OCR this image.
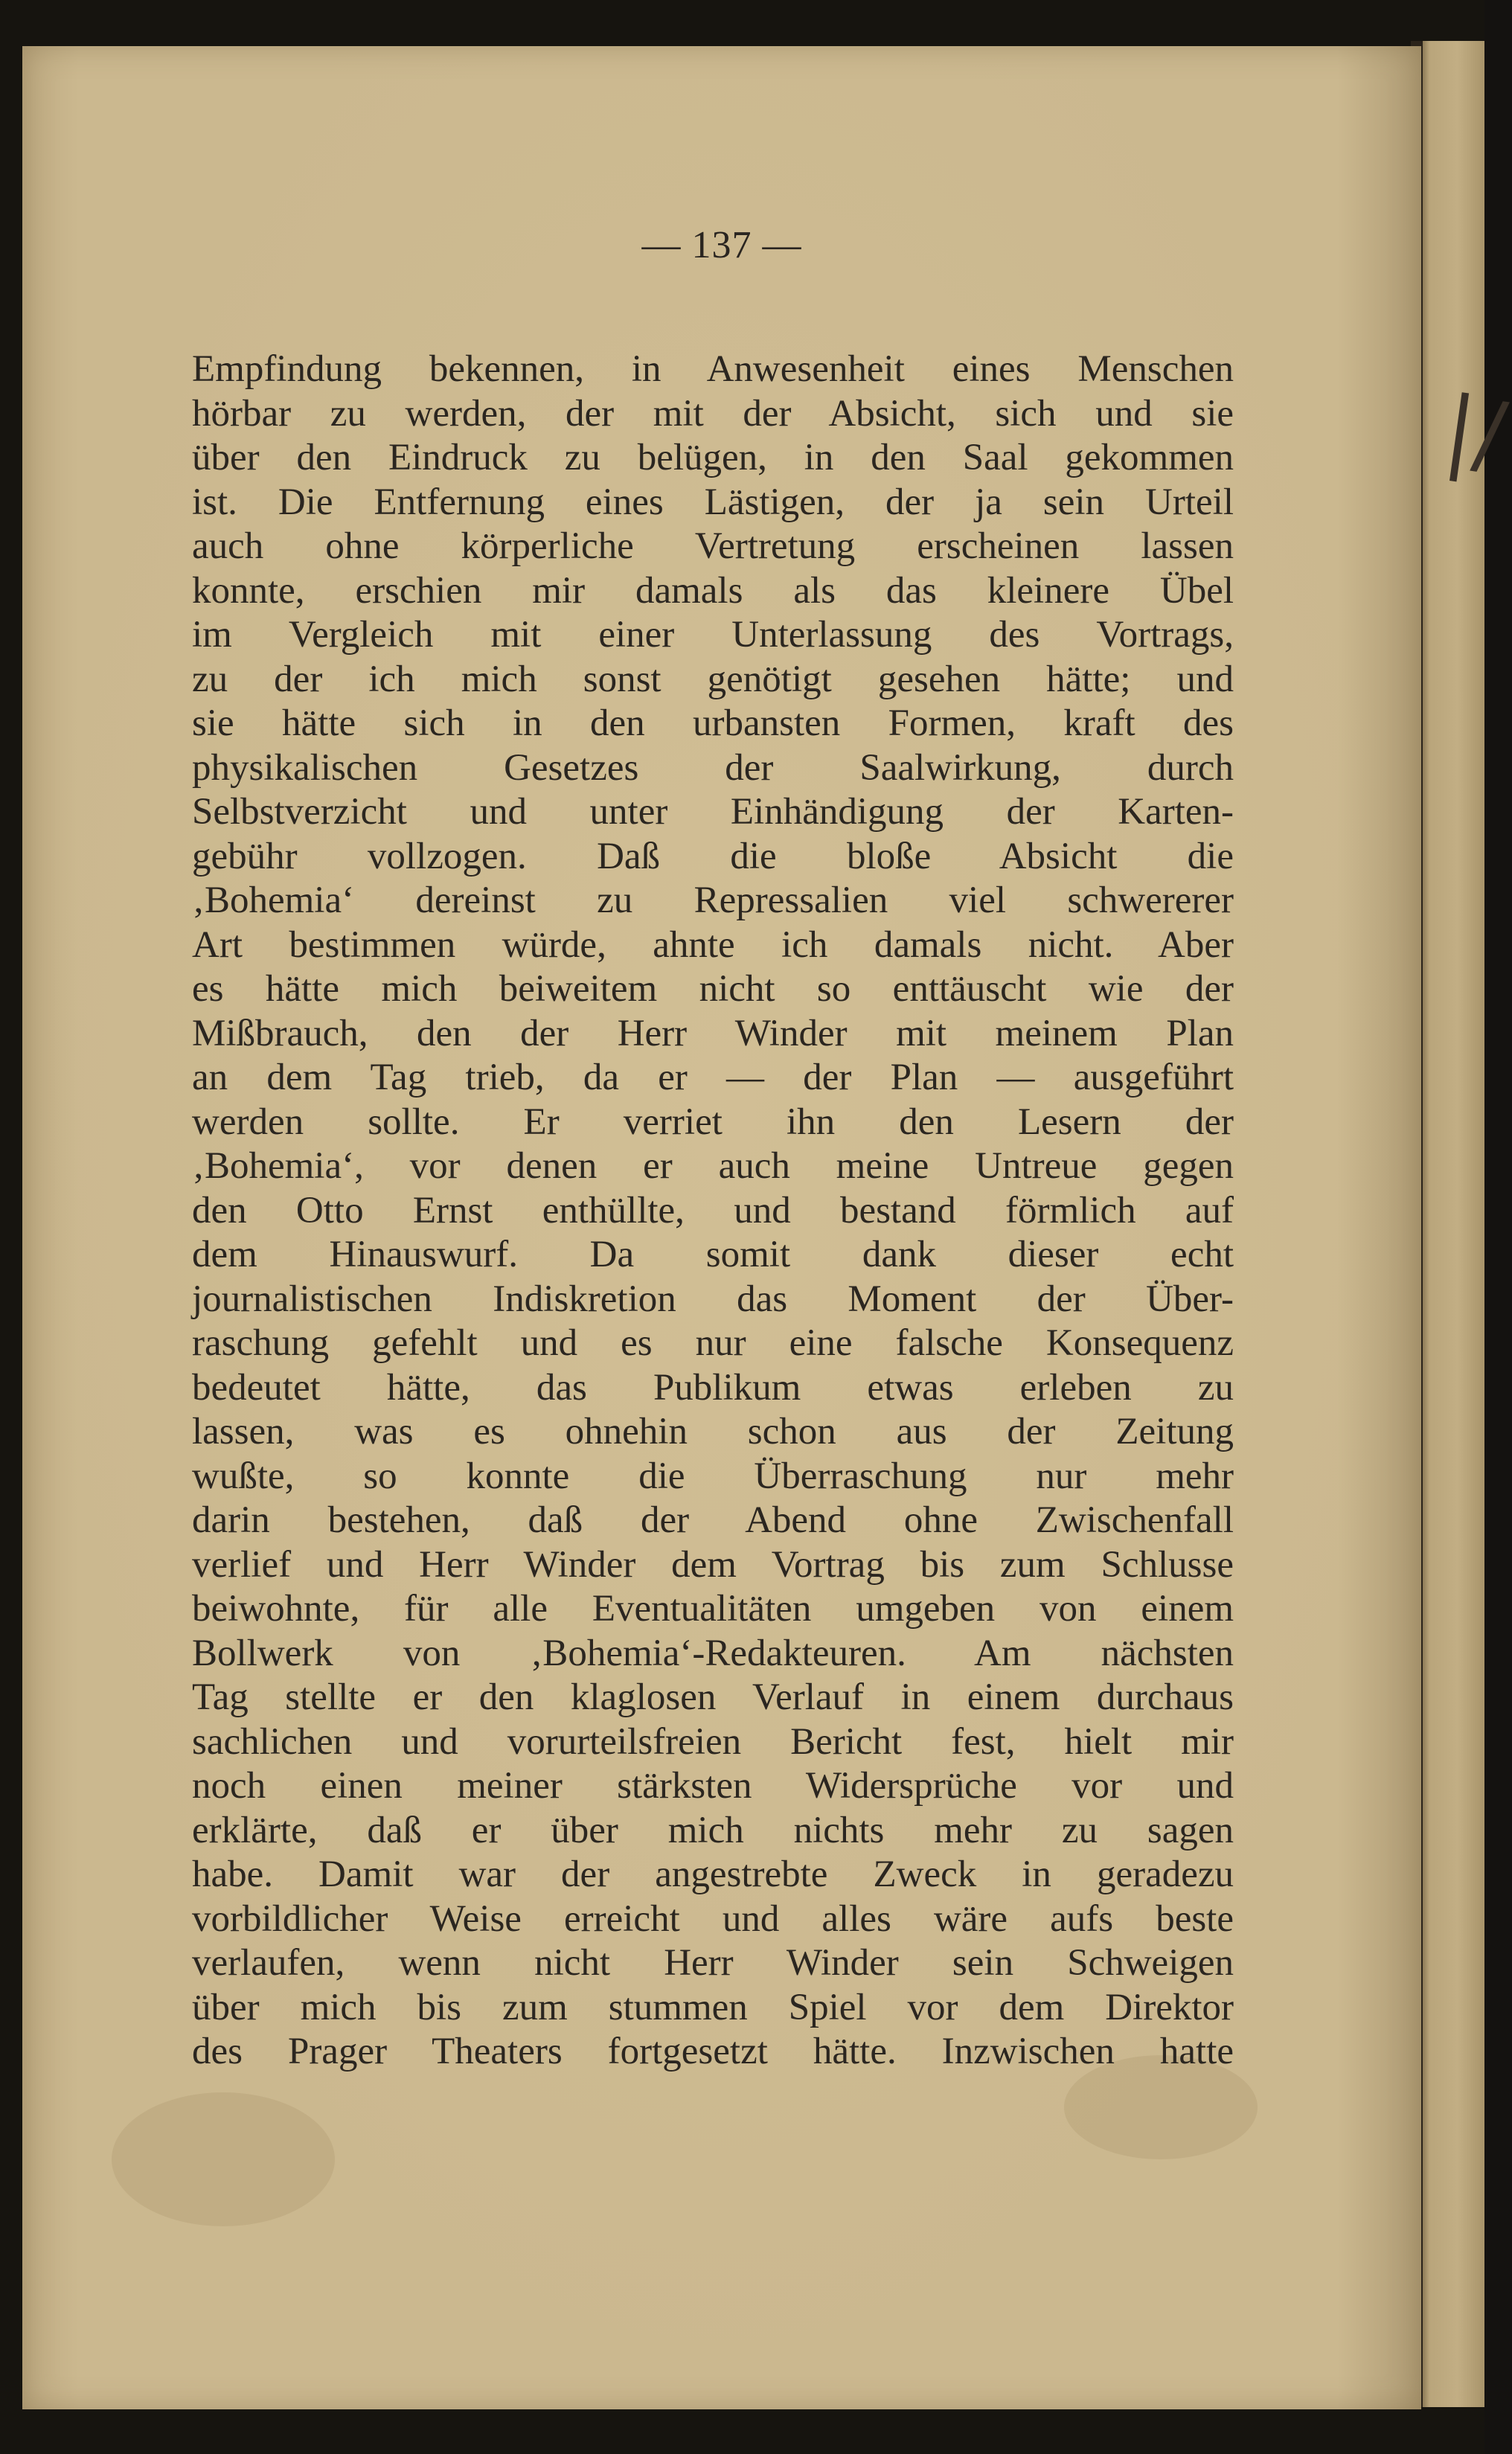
|/
— 137 —
Empfindung bekennen, in Anwesenheit eines Menschen
hörbar zu werden, der mit der Absicht, sich und sie
über den Eindruck zu belügen, in den Saal gekommen
ist. Die Entfernung eines Lästigen, der ja sein Urteil
auch ohne körperliche Vertretung erscheinen lassen
konnte, erschien mir damals als das kleinere Übel
im Vergleich mit einer Unterlassung des Vortrags,
zu der ich mich sonst genötigt gesehen hätte; und
sie hätte sich in den urbansten Formen, kraft des
physikalischen Gesetzes der Saalwirkung, durch
Selbstverzicht und unter Einhändigung der Karten-
gebühr vollzogen. Daß die bloße Absicht die
‚Bohemia‘ dereinst zu Repressalien viel schwererer
Art bestimmen würde, ahnte ich damals nicht. Aber
es hätte mich beiweitem nicht so enttäuscht wie der
Mißbrauch, den der Herr Winder mit meinem Plan
an dem Tag trieb, da er — der Plan — ausgeführt
werden sollte. Er verriet ihn den Lesern der
‚Bohemia‘, vor denen er auch meine Untreue gegen
den Otto Ernst enthüllte, und bestand förmlich auf
dem Hinauswurf. Da somit dank dieser echt
journalistischen Indiskretion das Moment der Über-
raschung gefehlt und es nur eine falsche Konsequenz
bedeutet hätte, das Publikum etwas erleben zu
lassen, was es ohnehin schon aus der Zeitung
wußte, so konnte die Überraschung nur mehr
darin bestehen, daß der Abend ohne Zwischenfall
verlief und Herr Winder dem Vortrag bis zum Schlusse
beiwohnte, für alle Eventualitäten umgeben von einem
Bollwerk von ‚Bohemia‘-Redakteuren. Am nächsten
Tag stellte er den klaglosen Verlauf in einem durchaus
sachlichen und vorurteilsfreien Bericht fest, hielt mir
noch einen meiner stärksten Widersprüche vor und
erklärte, daß er über mich nichts mehr zu sagen
habe. Damit war der angestrebte Zweck in geradezu
vorbildlicher Weise erreicht und alles wäre aufs beste
verlaufen, wenn nicht Herr Winder sein Schweigen
über mich bis zum stummen Spiel vor dem Direktor
des Prager Theaters fortgesetzt hätte. Inzwischen hatte
